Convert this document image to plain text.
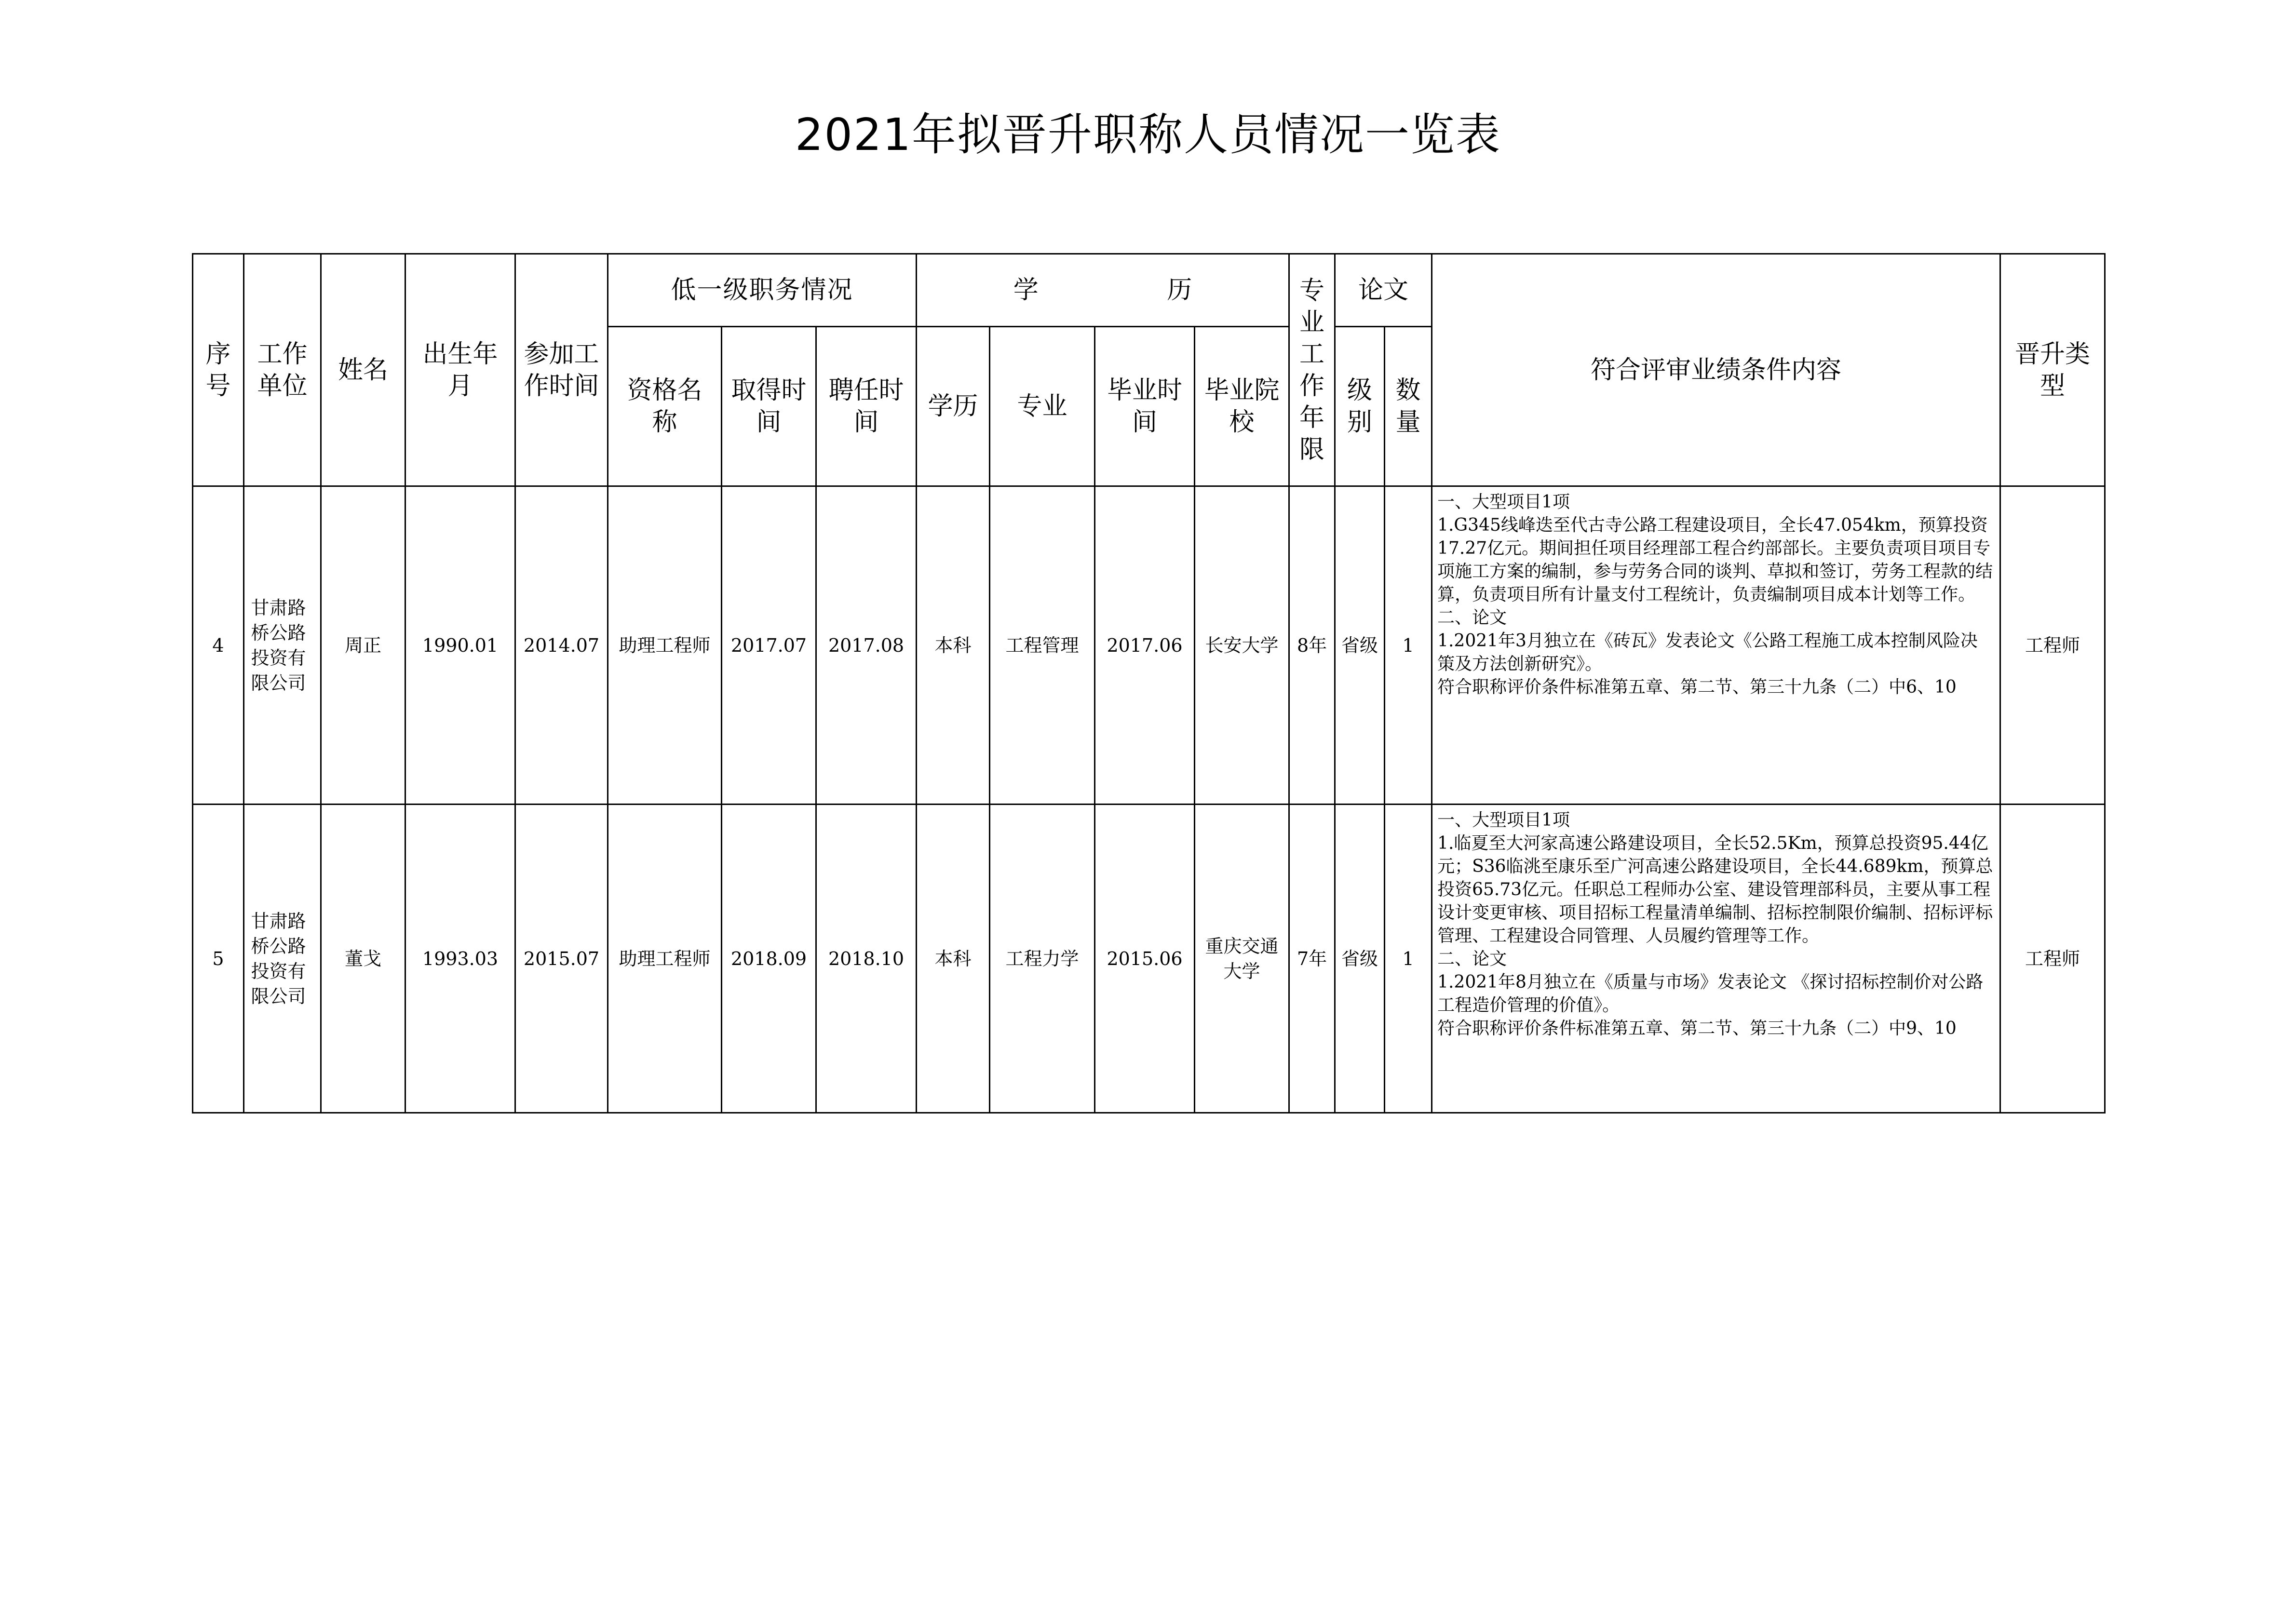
2021年拟晋升职称人员情况一览表
序号	工作单位	姓名	出生年月	参加工作时间	低一级职务情况			学 历				专业工作年限	论文		符合评审业绩条件内容	晋升类型

					资格名称	取得时间	聘任时间	学历	专业	毕业时间	毕业院校		级别	数量		

4	甘肃路桥公路投资有限公司	周正	1990.01	2014.07	助理工程师	2017.07	2017.08	本科	工程管理	2017.06	长安大学	8年	省级	1	一、大型项目1项
1.G345线峰迭至代古寺公路工程建设项目，全长47.054km，预算投资17.27亿元。期间担任项目经理部工程合约部部长。主要负责项目项目专项施工方案的编制，参与劳务合同的谈判、草拟和签订，劳务工程款的结算，负责项目所有计量支付工程统计，负责编制项目成本计划等工作。
二、论文
1.2021年3月独立在《砖瓦》发表论文《公路工程施工成本控制风险决策及方法创新研究》。
符合职称评价条件标准第五章、第二节、第三十九条（二）中6、10	工程师
5	甘肃路桥公路投资有限公司	董戈	1993.03	2015.07	助理工程师	2018.09	2018.10	本科	工程力学	2015.06	重庆交通大学	7年	省级	1	一、大型项目1项
1.临夏至大河家高速公路建设项目，全长52.5Km，预算总投资95.44亿元；S36临洮至康乐至广河高速公路建设项目，全长44.689km，预算总投资65.73亿元。任职总工程师办公室、建设管理部科员，主要从事工程设计变更审核、项目招标工程量清单编制、招标控制限价编制、招标评标管理、工程建设合同管理、人员履约管理等工作。
二、论文
1.2021年8月独立在《质量与市场》发表论文 《探讨招标控制价对公路工程造价管理的价值》。
符合职称评价条件标准第五章、第二节、第三十九条（二）中9、10	工程师
